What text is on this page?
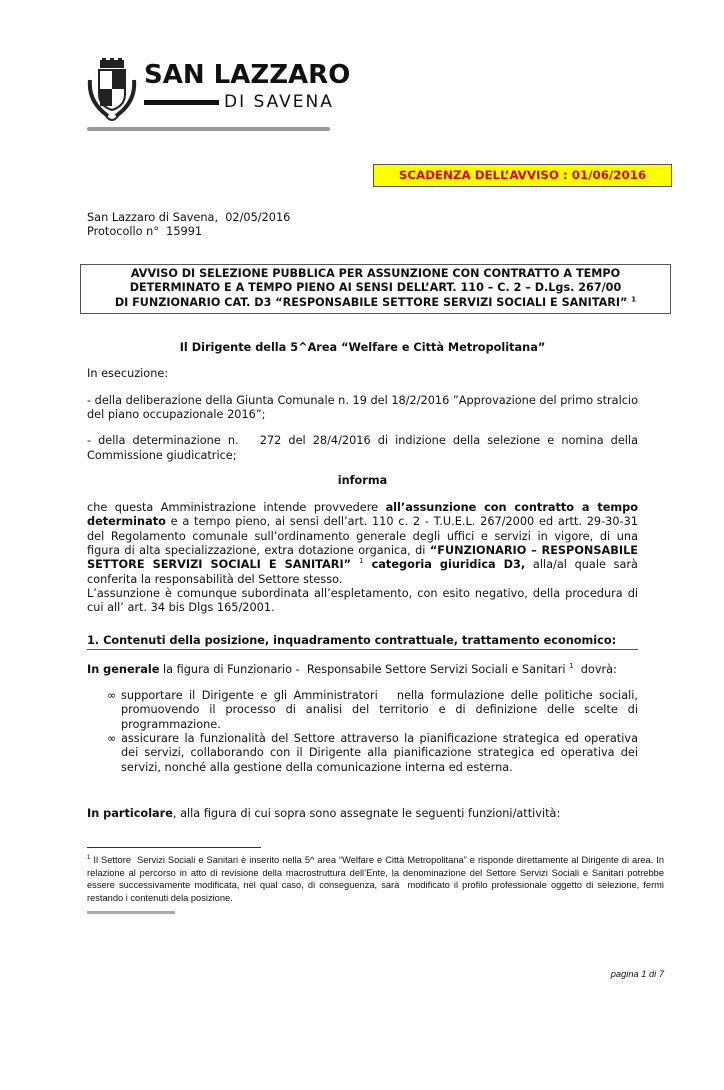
SAN LAZZARO
DI SAVENA
SCADENZA DELL’AVVISO : 01/06/2016
San Lazzaro di Savena,  02/05/2016
Protocollo n°  15991
AVVISO DI SELEZIONE PUBBLICA PER ASSUNZIONE CON CONTRATTO A TEMPO
DETERMINATO E A TEMPO PIENO AI SENSI DELL’ART. 110 – C. 2 – D.Lgs. 267/00
DI FUNZIONARIO CAT. D3 “RESPONSABILE SETTORE SERVIZI SOCIALI E SANITARI” $^1$
Il Dirigente della 5^Area “Welfare e Città Metropolitana”
In esecuzione:
- della deliberazione della Giunta Comunale n. 19 del 18/2/2016 ”Approvazione del primo stralcio del piano occupazionale 2016”;
- della determinazione n.   272 del 28/4/2016 di indizione della selezione e nomina della Commissione giudicatrice;
informa
che questa Amministrazione intende provvedere all’assunzione con contratto a tempo determinato e a tempo pieno, ai sensi dell’art. 110 c. 2 - T.U.E.L. 267/2000 ed artt. 29-30-31 del Regolamento comunale sull’ordinamento generale degli uffici e servizi in vigore, di una figura di alta specializzazione, extra dotazione organica, di “FUNZIONARIO – RESPONSABILE SETTORE SERVIZI SOCIALI E SANITARI” $^1$ categoria giuridica D3, alla/al quale sarà conferita la responsabilità del Settore stesso.
L’assunzione è comunque subordinata all’espletamento, con esito negativo, della procedura di cui all’ art. 34 bis Dlgs 165/2001.
1. Contenuti della posizione, inquadramento contrattuale, trattamento economico:
In generale la figura di Funzionario -  Responsabile Settore Servizi Sociali e Sanitari $^1$  dovrà:
∞ supportare il Dirigente e gli Amministratori   nella formulazione delle politiche sociali, promuovendo il processo di analisi del territorio e di definizione delle scelte di programmazione.
∞ assicurare la funzionalità del Settore attraverso la pianificazione strategica ed operativa dei servizi, collaborando con il Dirigente alla pianificazione strategica ed operativa dei servizi, nonché alla gestione della comunicazione interna ed esterna.
In particolare, alla figura di cui sopra sono assegnate le seguenti funzioni/attività:
$^1$ Il Settore  Servizi Sociali e Sanitari è inserito nella 5^ area “Welfare e Città Metropolitana” e risponde direttamente al Dirigente di area. In relazione al percorso in atto di revisione della macrostruttura dell’Ente, la denominazione del Settore Servizi Sociali e Sanitari potrebbe essere successivamente modificata, nel qual caso, di conseguenza, sarà  modificato il profilo professionale oggetto di selezione, fermi restando i contenuti dela posizione.
pagina 1 di 7
